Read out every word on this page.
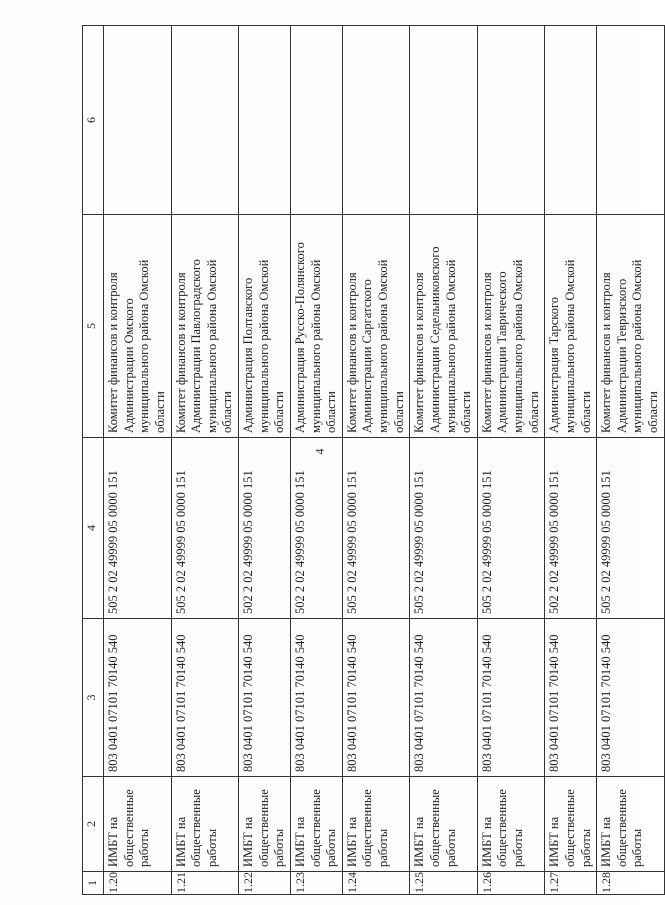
4
1	2	3	4	5	6
1.20	ИМБТ на общественные работы	803 0401 07101 70140 540	505 2 02 49999 05 0000 151	Комитет финансов и контроля Администрации Омского муниципального района Омской области	
1.21	ИМБТ на общественные работы	803 0401 07101 70140 540	505 2 02 49999 05 0000 151	Комитет финансов и контроля Администрации Павлоградского муниципального района Омской области	
1.22	ИМБТ на общественные работы	803 0401 07101 70140 540	502 2 02 49999 05 0000 151	Администрация Полтавского муниципального района Омской области	
1.23	ИМБТ на общественные работы	803 0401 07101 70140 540	502 2 02 49999 05 0000 151	Администрация Русско-Полянского муниципального района Омской области	
1.24	ИМБТ на общественные работы	803 0401 07101 70140 540	505 2 02 49999 05 0000 151	Комитет финансов и контроля Администрации Саргатского муниципального района Омской области	
1.25	ИМБТ на общественные работы	803 0401 07101 70140 540	505 2 02 49999 05 0000 151	Комитет финансов и контроля Администрации Седельниковского муниципального района Омской области	
1.26	ИМБТ на общественные работы	803 0401 07101 70140 540	505 2 02 49999 05 0000 151	Комитет финансов и контроля Администрации Таврического муниципального района Омской области	
1.27	ИМБТ на общественные работы	803 0401 07101 70140 540	502 2 02 49999 05 0000 151	Администрация Тарского муниципального района Омской области	
1.28	ИМБТ на общественные работы	803 0401 07101 70140 540	505 2 02 49999 05 0000 151	Комитет финансов и контроля Администрации Тевризского муниципального района Омской области	
